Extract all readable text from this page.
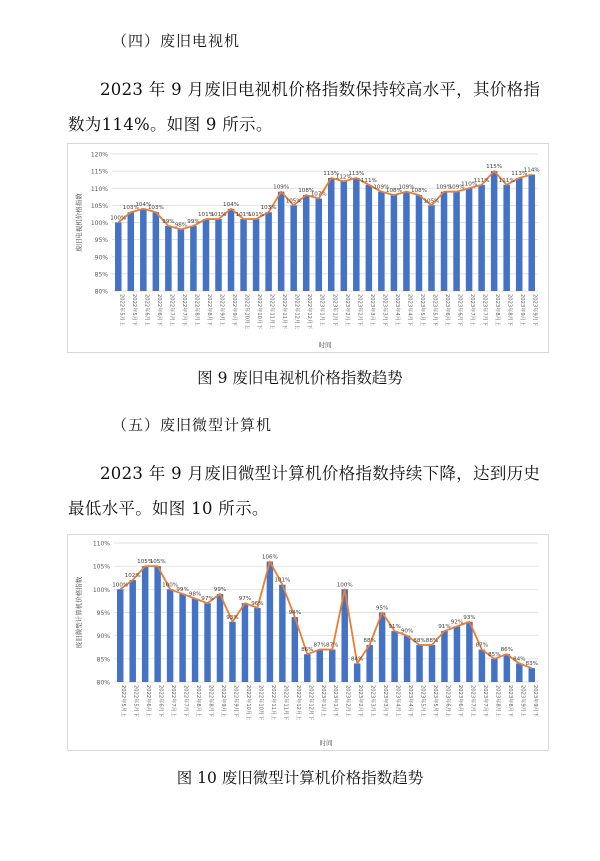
（四）废旧电视机
2023 年 9 月废旧电视机价格指数保持较高水平，其价格指数为114%。如图 9 所示。
80%
85%
90%
95%
100%
105%
110%
115%
120%
100%
103%
104%
103%
99%
98%
99%
101%
101%
104%
101%
101%
103%
109%
105%
108%
107%
113%
112%
113%
111%
109%
108%
109%
108%
105%
109%
109%
110%
111%
115%
111%
113%
114%
2022年5月上	2022年5月下	2022年6月上	2022年6月下	2022年7月上	2022年7月下	2022年8月上	2022年8月下	2022年9月上	2022年9月下	2022年10月上	2022年10月下	2022年11月上	2022年11月下	2022年12月上	2022年12月下	2023年1月上	2023年1月下	2023年2月上	2023年2月下	2023年3月上	2023年3月下	2023年4月上	2023年4月下	2023年5月上	2023年5月下	2023年6月上	2023年6月下	2023年7月上	2023年7月下	2023年8月上	2023年8月下	2023年9月上	2023年9月下
时间
废旧电视机价格指数
图 9 废旧电视机价格指数趋势
（五）废旧微型计算机
2023 年 9 月废旧微型计算机价格指数持续下降，达到历史最低水平。如图 10 所示。
80%
85%
90%
95%
100%
105%
110%
100%
102%
105%
105%
100%
99%
98%
97%
99%
93%
97%
96%
106%
101%
94%
86%
87% 87%
100%
84%
88%
95%
91%
90%
88% 88%
91%
92%
93%
87%
85%
86%
84%
83%
2022年5月上	2022年5月下	2022年6月上	2022年6月下	2022年7月上	2022年7月下	2022年8月上	2022年8月下	2022年9月上	2022年9月下	2022年10月上	2022年10月下	2022年11月上	2022年11月下	2022年12月上	2022年12月下	2023年1月上	2023年1月下	2023年2月上	2023年2月下	2023年3月上	2023年3月下	2023年4月上	2023年4月下	2023年5月上	2023年5月下	2023年6月上	2023年6月下	2023年7月上	2023年7月下	2023年8月上	2023年8月下	2023年9月上	2023年9月下
时间
废旧微型计算机价格指数
图 10 废旧微型计算机价格指数趋势
